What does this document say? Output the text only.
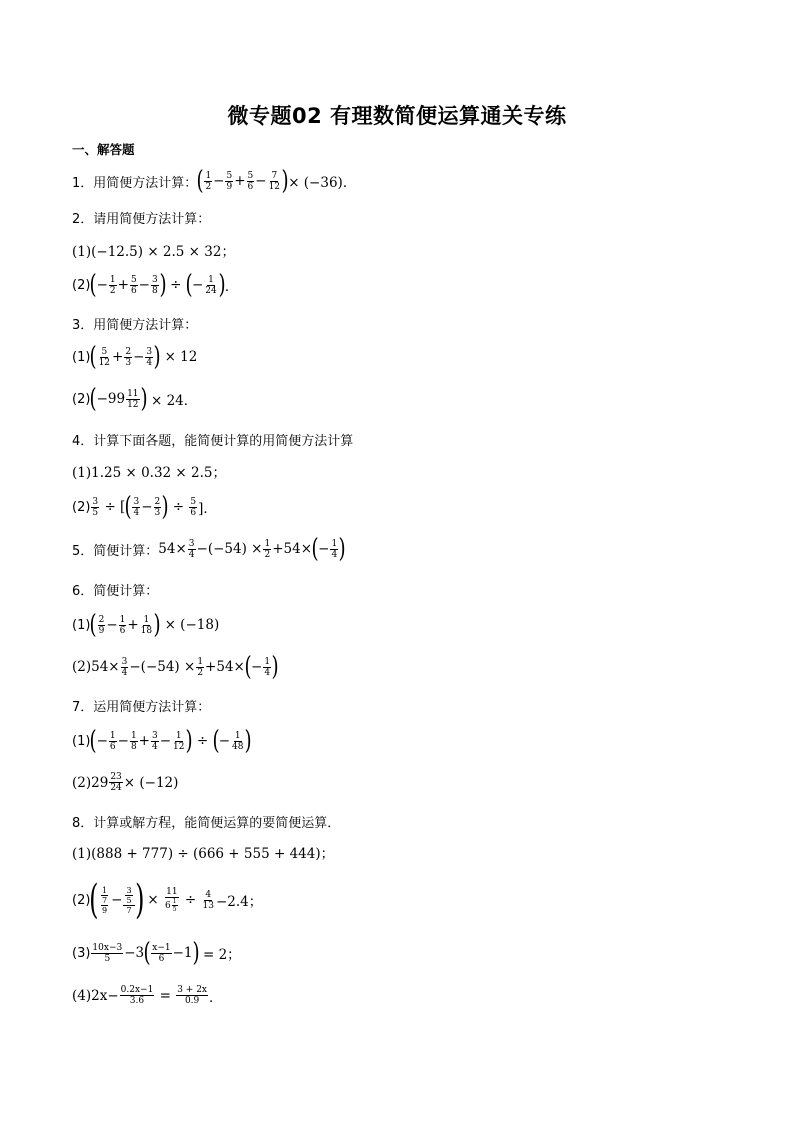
微专题02 有理数简便运算通关专练
一、解答题
1．用简便方法计算： ( $\frac{1}{2} - \frac{5}{9} + \frac{5}{6} - \frac{7}{12}$ ) × (−36)．
2．请用简便方法计算：
(1)(−12.5) × 2.5 × 32；
(2) ( − $\frac{1}{2} + \frac{5}{6} - \frac{3}{8}$ ) ÷ ( − $\frac{1}{24}$ ) ．
3．用简便方法计算：
(1) ( $\frac{5}{12} + \frac{2}{3} - \frac{3}{4}$ )
× 12
(2) ( $-99 \frac{11}{12}$ )
× 24．
4．计算下面各题，能简便计算的用简便方法计算
(1)1.25 × 0.32 × 2.5；
$(2) \frac{3}{5}$ ÷ [ ( $\frac{3}{4} - \frac{2}{3}$ ) ÷ $\frac{5}{6}$ ]．
5．简便计算： $54\times \frac{3}{4} -(-54) \times \frac{1}{2} +54\times$ ( − $\frac{1}{4}$ )
6．简便计算：
(1) ( $\frac{2}{9} - \frac{1}{6} + \frac{1}{18}$ )
× (−18)
$(2)54\times \frac{3}{4} -(-54) \times \frac{1}{2} +54\times$ ( − $\frac{1}{4}$ )
7．运用简便方法计算：
(1) ( − $\frac{1}{6} - \frac{1}{8} + \frac{3}{4} - \frac{1}{12}$ ) ÷ ( − $\frac{1}{48}$ )
$(2)29 \frac{23}{24} \times (-12)$
8．计算或解方程，能简便运算的要简便运算．
(1)(888 + 777) ÷ (666 + 555 + 444)；
(2) ( $\frac{1}{\frac{7}{9}} - \frac{\frac{3}{5}}{7}$ ) × $\frac{11}{6 \frac{1}{5}} \div \frac{4}{13} -2.4$；
$(3) \frac{10x-3}{5} -3$ ( $\frac{x-1}{6} -1$ )
= 2；
$(4)2x- \frac{0.2x-1}{3.6}$
=
$\frac{3 + 2x}{0.9}$ ．
